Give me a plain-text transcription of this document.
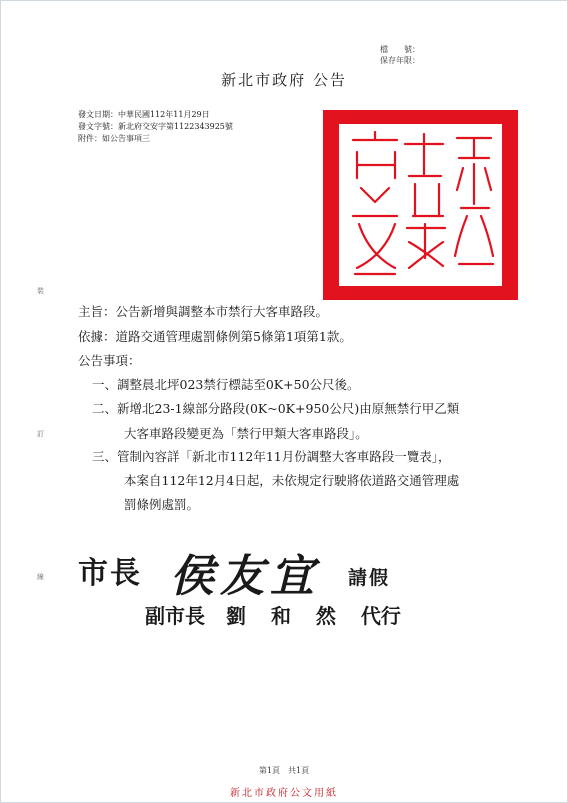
檔　　號：
保存年限：
新北市政府 公告
發文日期：中華民國112年11月29日
發文字號：新北府交安字第1122343925號
附件：如公告事項三
裝
訂
線
主旨：公告新增與調整本市禁行大客車路段。
依據：道路交通管理處罰條例第5條第1項第1款。
公告事項：
一、調整晨北坪023禁行標誌至0K+50公尺後。
二、新增北23-1線部分路段(0K~0K+950公尺)由原無禁行甲乙類
大客車路段變更為「禁行甲類大客車路段」。
三、管制內容詳「新北市112年11月份調整大客車路段一覽表」，
本案自112年12月4日起，未依規定行駛將依道路交通管理處
罰條例處罰。
市長 侯友宜 請假
副市長 劉 和 然 代行
第1頁　共1頁
新北市政府公文用紙
